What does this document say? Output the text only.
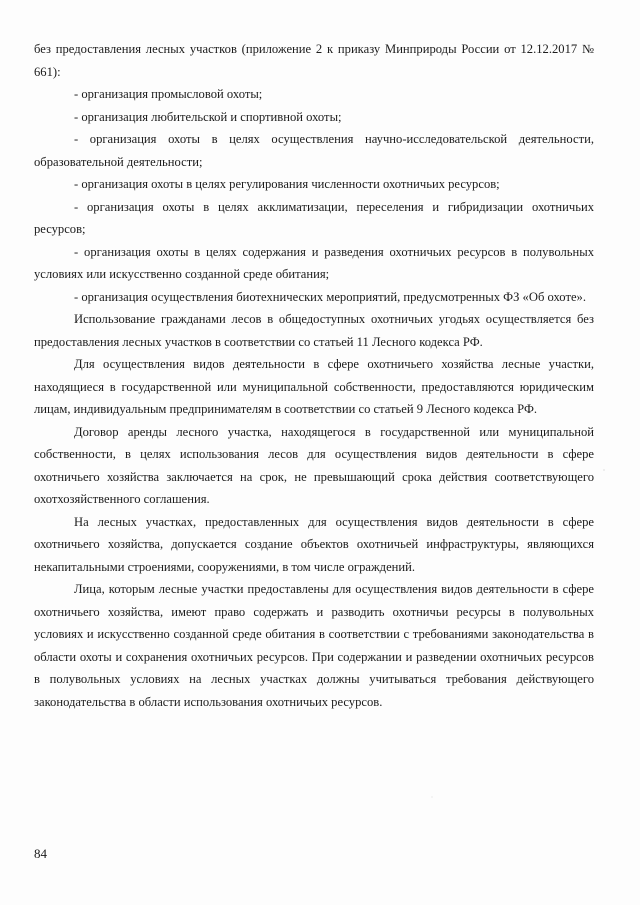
без предоставления лесных участков (приложение 2 к приказу Минприроды России от 12.12.2017 № 661):

- организация промысловой охоты;

- организация любительской и спортивной охоты;

- организация охоты в целях осуществления научно-исследовательской деятельности, образовательной деятельности;

- организация охоты в целях регулирования численности охотничьих ресурсов;

- организация охоты в целях акклиматизации, переселения и гибридизации охотничьих ресурсов;

- организация охоты в целях содержания и разведения охотничьих ресурсов в полувольных условиях или искусственно созданной среде обитания;

- организация осуществления биотехнических мероприятий, предусмотренных ФЗ «Об охоте».

Использование гражданами лесов в общедоступных охотничьих угодьях осуществляется без предоставления лесных участков в соответствии со статьей 11 Лесного кодекса РФ.

Для осуществления видов деятельности в сфере охотничьего хозяйства лесные участки, находящиеся в государственной или муниципальной собственности, предоставляются юридическим лицам, индивидуальным предпринимателям в соответствии со статьей 9 Лесного кодекса РФ.

Договор аренды лесного участка, находящегося в государственной или муниципальной собственности, в целях использования лесов для осуществления видов деятельности в сфере охотничьего хозяйства заключается на срок, не превышающий срока действия соответствующего охотхозяйственного соглашения.

На лесных участках, предоставленных для осуществления видов деятельности в сфере охотничьего хозяйства, допускается создание объектов охотничьей инфраструктуры, являющихся некапитальными строениями, сооружениями, в том числе ограждений.

Лица, которым лесные участки предоставлены для осуществления видов деятельности в сфере охотничьего хозяйства, имеют право содержать и разводить охотничьи ресурсы в полувольных условиях и искусственно созданной среде обитания в соответствии с требованиями законодательства в области охоты и сохранения охотничьих ресурсов. При содержании и разведении охотничьих ресурсов в полувольных условиях на лесных участках должны учитываться требования действующего законодательства в области использования охотничьих ресурсов.

84
